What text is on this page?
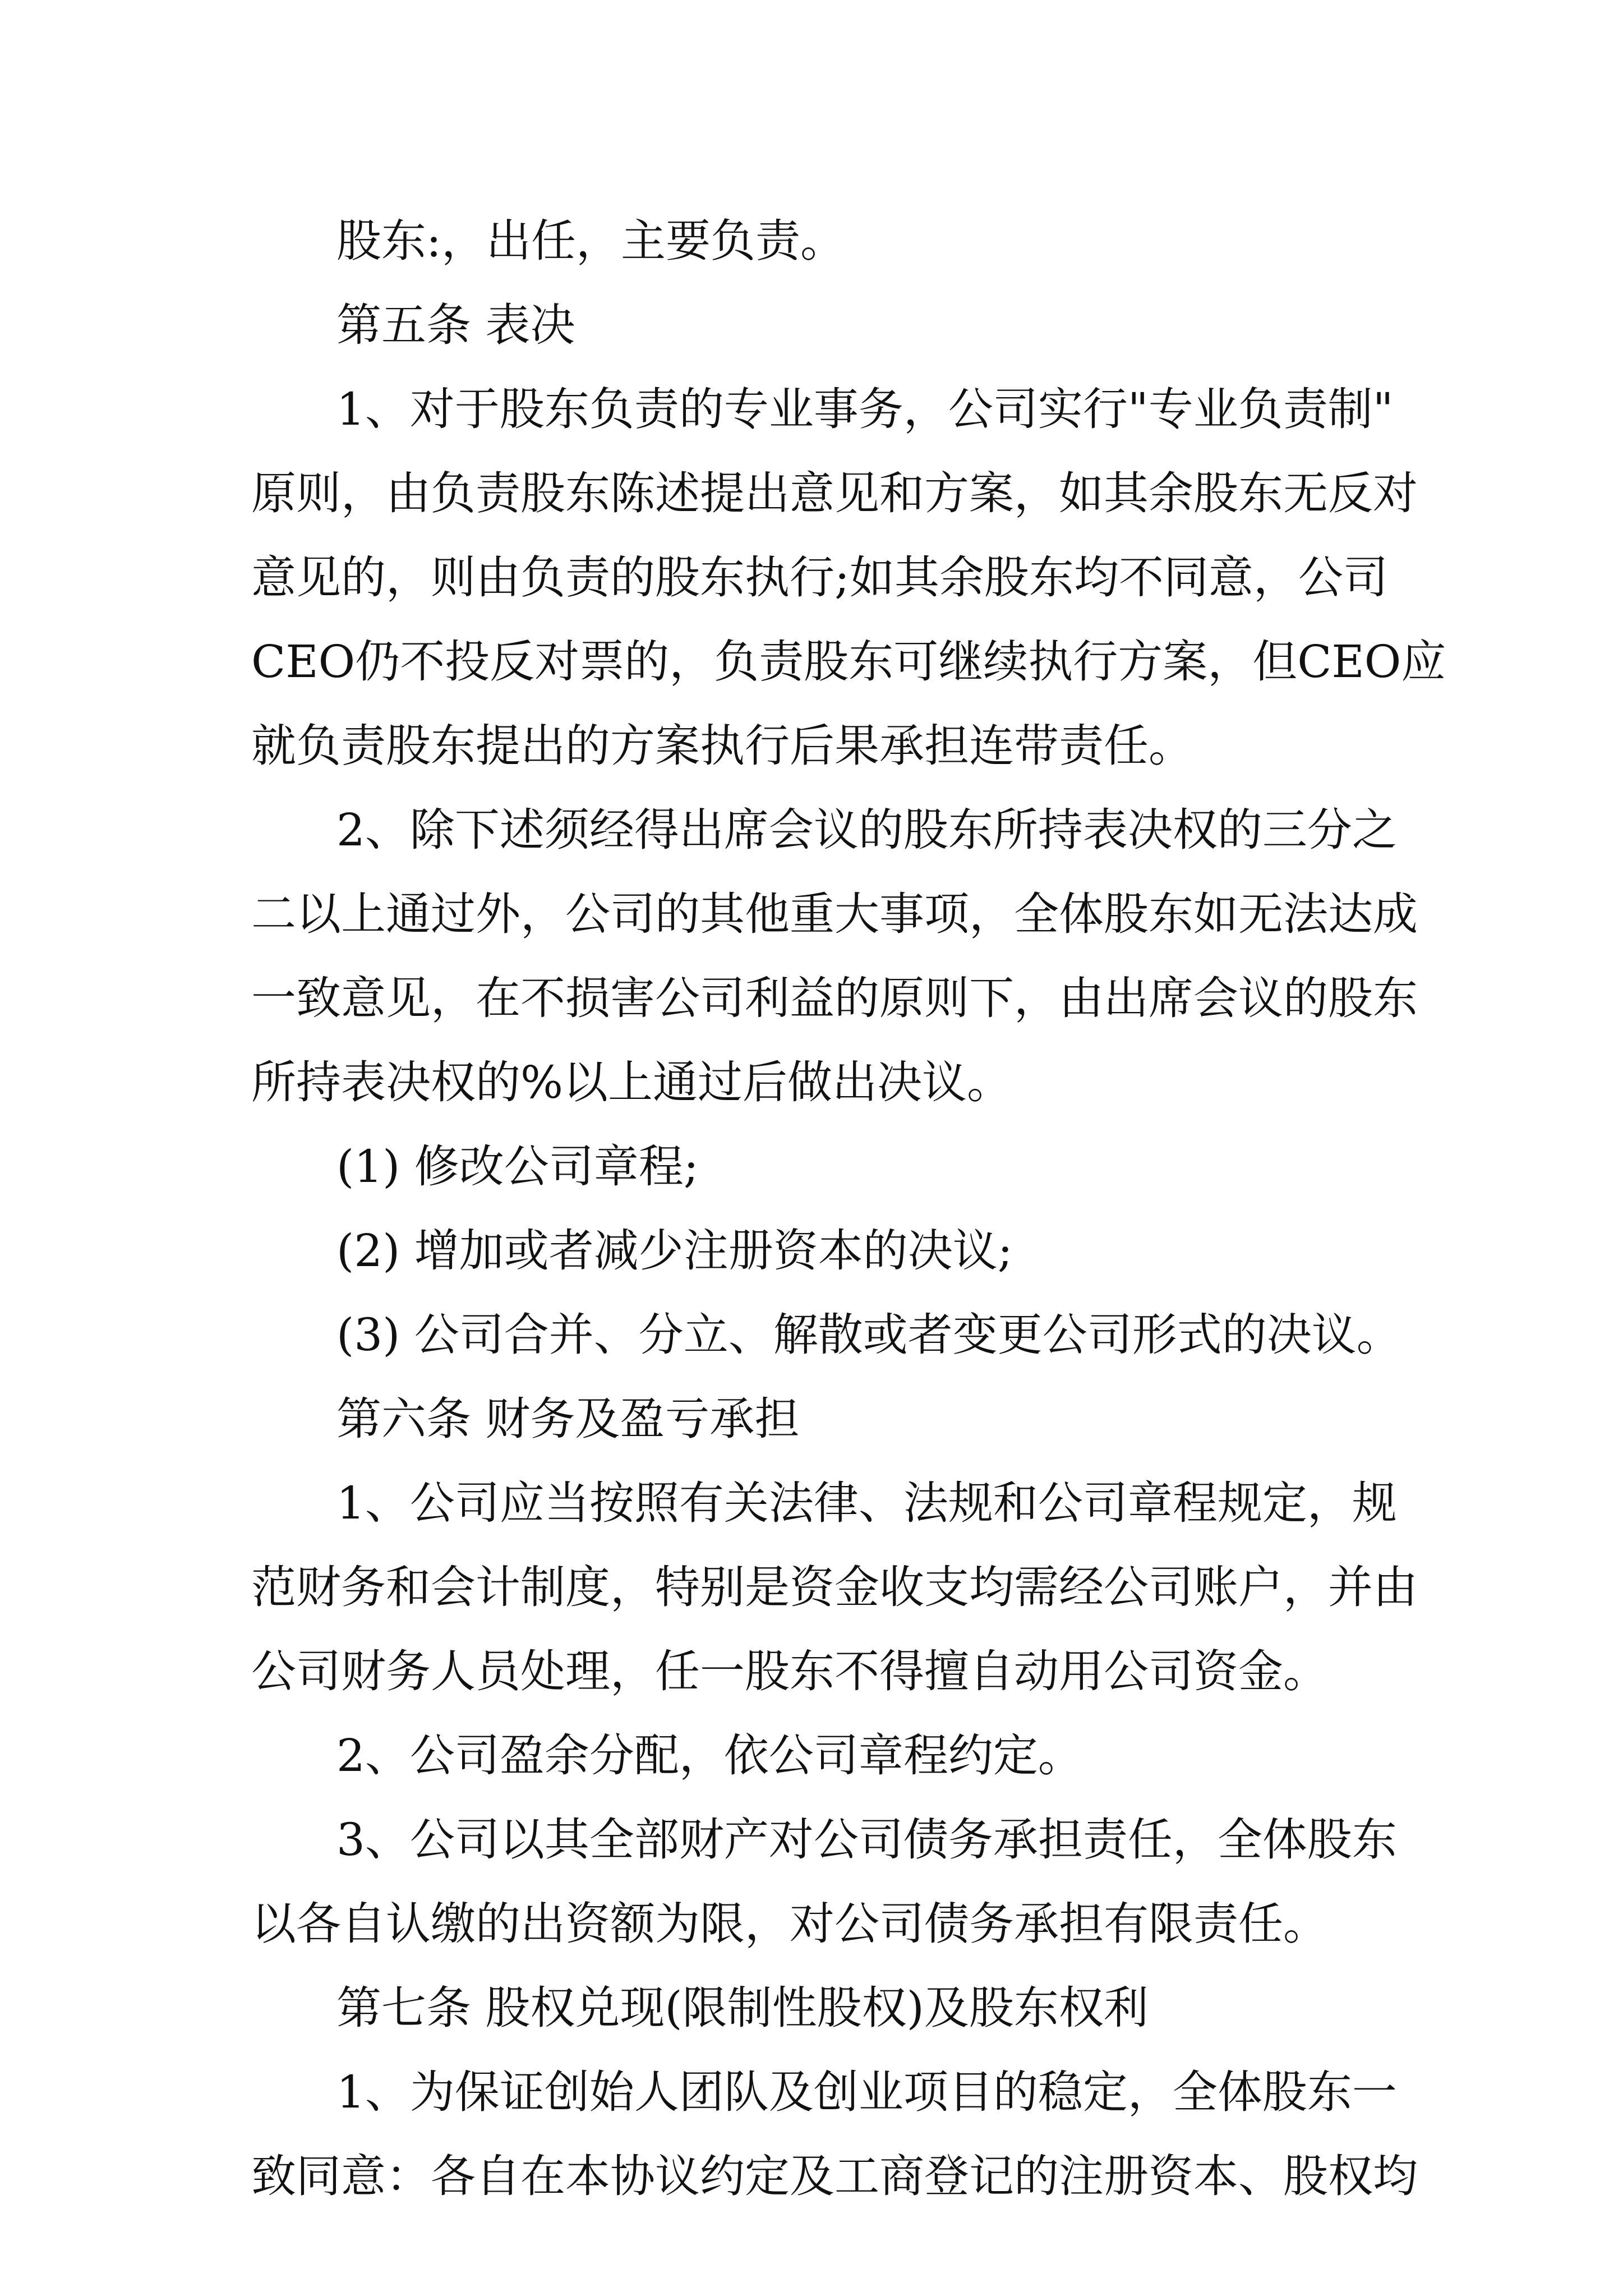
股东:，出任，主要负责。
第五条 表决
1、对于股东负责的专业事务，公司实行"专业负责制"
原则，由负责股东陈述提出意见和方案，如其余股东无反对
意见的，则由负责的股东执行;如其余股东均不同意，公司
CEO仍不投反对票的，负责股东可继续执行方案，但CEO应
就负责股东提出的方案执行后果承担连带责任。
2、除下述须经得出席会议的股东所持表决权的三分之
二以上通过外，公司的其他重大事项，全体股东如无法达成
一致意见，在不损害公司利益的原则下，由出席会议的股东
所持表决权的%以上通过后做出决议。
(1) 修改公司章程;
(2) 增加或者减少注册资本的决议;
(3) 公司合并、分立、解散或者变更公司形式的决议。
第六条 财务及盈亏承担
1、公司应当按照有关法律、法规和公司章程规定，规
范财务和会计制度，特别是资金收支均需经公司账户，并由
公司财务人员处理，任一股东不得擅自动用公司资金。
2、公司盈余分配，依公司章程约定。
3、公司以其全部财产对公司债务承担责任，全体股东
以各自认缴的出资额为限，对公司债务承担有限责任。
第七条 股权兑现(限制性股权)及股东权利
1、为保证创始人团队及创业项目的稳定，全体股东一
致同意：各自在本协议约定及工商登记的注册资本、股权均
